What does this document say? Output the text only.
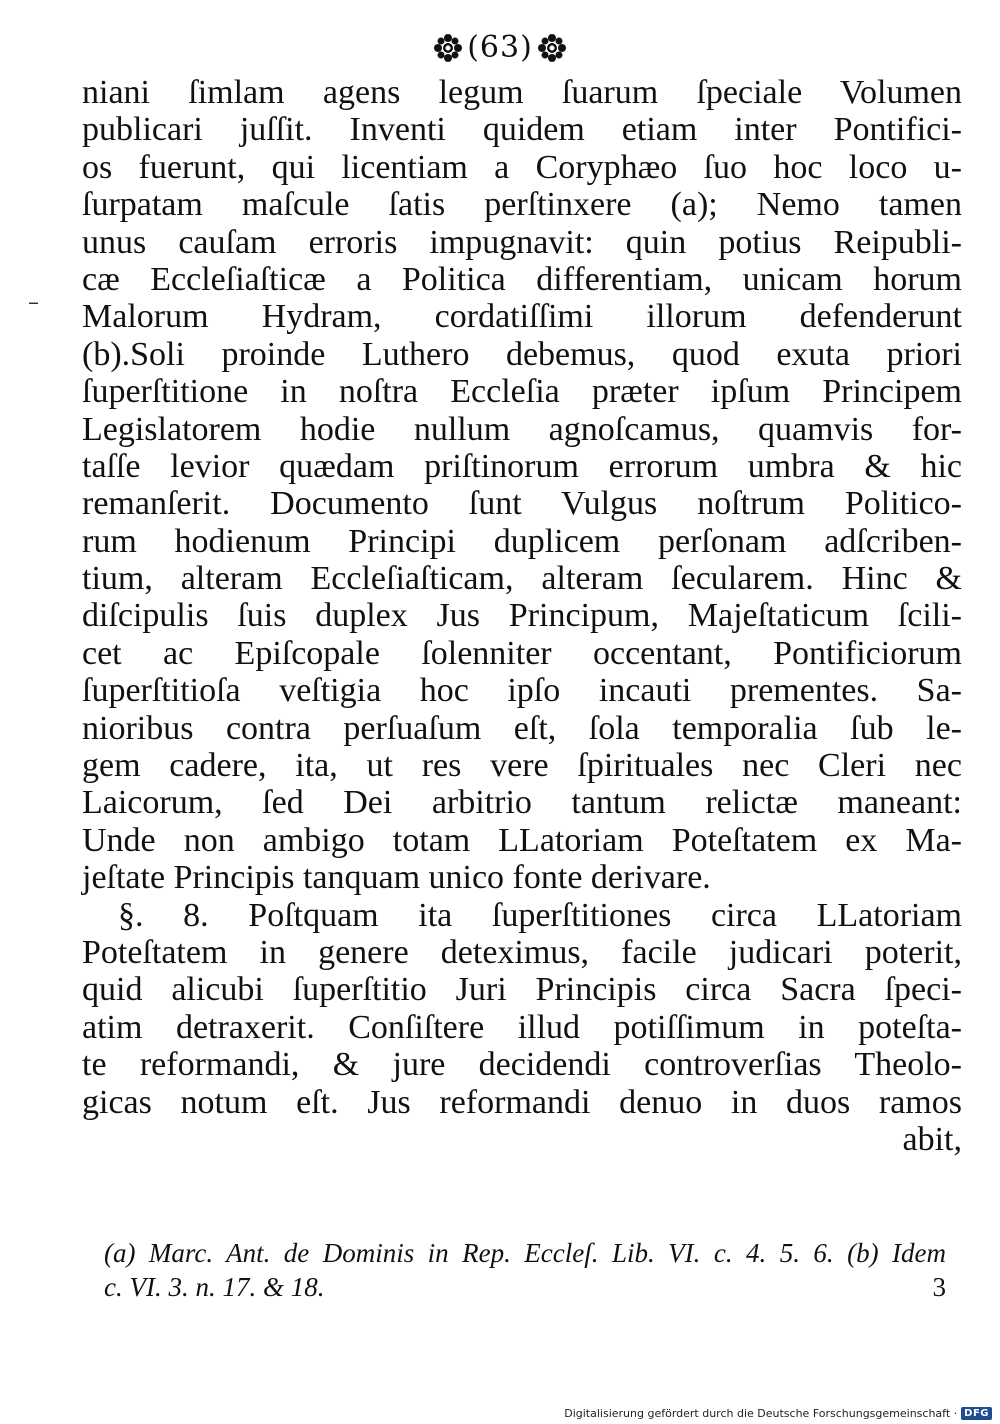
(63)
–
niani ſimlam agens legum ſuarum ſpeciale Volumen
publicari juſſit. Inventi quidem etiam inter Pontifici-
os fuerunt, qui licentiam a Coryphæo ſuo hoc loco u-
ſurpatam maſcule ſatis perſtinxere (a); Nemo tamen
unus cauſam erroris impugnavit: quin potius Reipubli-
cæ Eccleſiaſticæ a Politica differentiam, unicam horum
Malorum Hydram, cordatiſſimi illorum defenderunt
(b).Soli proinde Luthero debemus, quod exuta priori
ſuperſtitione in noſtra Eccleſia præter ipſum Principem
Legislatorem hodie nullum agnoſcamus, quamvis for-
taſſe levior quædam priſtinorum errorum umbra & hic
remanſerit. Documento ſunt Vulgus noſtrum Politico-
rum hodienum Principi duplicem perſonam adſcriben-
tium, alteram Eccleſiaſticam, alteram ſecularem. Hinc &
diſcipulis ſuis duplex Jus Principum, Majeſtaticum ſcili-
cet ac Epiſcopale ſolenniter occentant, Pontificiorum
ſuperſtitioſa veſtigia hoc ipſo incauti prementes. Sa-
nioribus contra perſuaſum eſt, ſola temporalia ſub le-
gem cadere, ita, ut res vere ſpirituales nec Cleri nec
Laicorum, ſed Dei arbitrio tantum relictæ maneant:
Unde non ambigo totam LLatoriam Poteſtatem ex Ma-
jeſtate Principis tanquam unico fonte derivare.
§. 8. Poſtquam ita ſuperſtitiones circa LLatoriam
Poteſtatem in genere deteximus, facile judicari poterit,
quid alicubi ſuperſtitio Juri Principis circa Sacra ſpeci-
atim detraxerit. Conſiſtere illud potiſſimum in poteſta-
te reformandi, & jure decidendi controverſias Theolo-
gicas notum eſt. Jus reformandi denuo in duos ramos
abit,
(a) Marc. Ant. de Dominis in Rep. Eccleſ. Lib. VI. c. 4. 5. 6. (b) Idem
c. VI. 3. n. 17. & 18.	3
Digitalisierung gefördert durch die Deutsche Forschungsgemeinschaft · DFG
